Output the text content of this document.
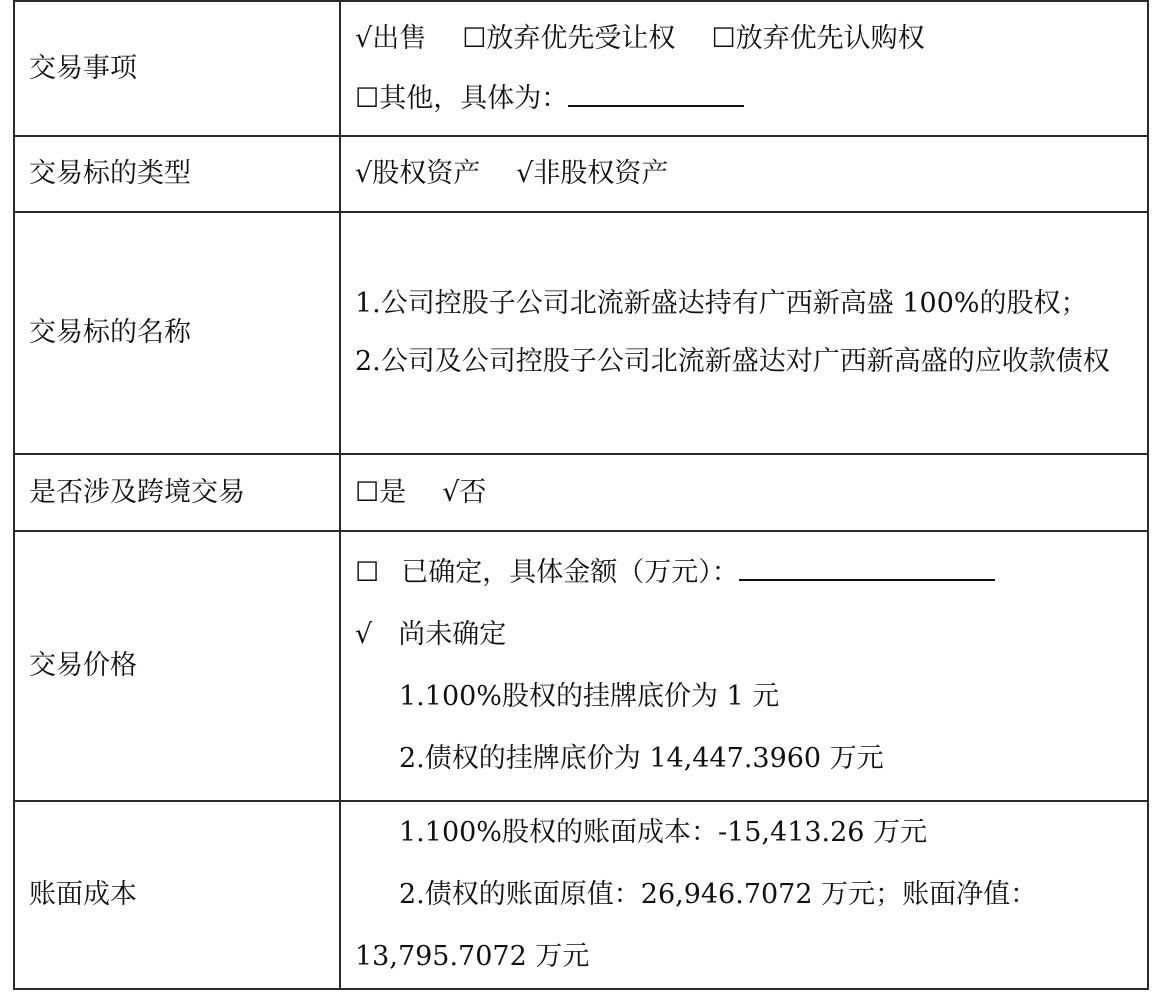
交易事项	√出售 ☐放弃优先受让权 ☐放弃优先认购权
☐其他，具体为：

交易标的类型	√股权资产 √非股权资产

交易标的名称	1.公司控股子公司北流新盛达持有广西新高盛 100%的股权；
2.公司及公司控股子公司北流新盛达对广西新高盛的应收款债权

是否涉及跨境交易	☐是 √否

交易价格	☐ 已确定，具体金额（万元）：
√ 尚未确定
1.100%股权的挂牌底价为 1 元
2.债权的挂牌底价为 14,447.3960 万元

账面成本	1.100%股权的账面成本：-15,413.26 万元
2.债权的账面原值：26,946.7072 万元；账面净值：
13,795.7072 万元
